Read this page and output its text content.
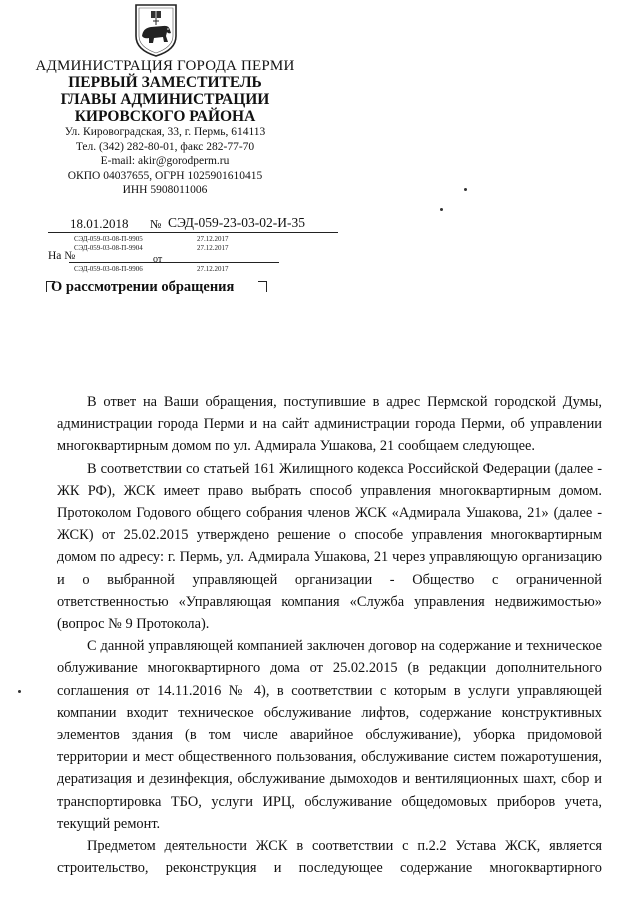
АДМИНИСТРАЦИЯ ГОРОДА ПЕРМИ
ПЕРВЫЙ ЗАМЕСТИТЕЛЬ
ГЛАВЫ АДМИНИСТРАЦИИ
КИРОВСКОГО РАЙОНА
Ул. Кировоградская, 33, г. Пермь, 614113
Тел. (342) 282-80-01, факс 282-77-70
E-mail: akir@gorodperm.ru
ОКПО 04037655, ОГРН 1025901610415
ИНН 5908011006
18.01.2018 № СЭД-059-23-03-02-И-35
СЭД-059-03-08-П-9905	27.12.2017
СЭД-059-03-08-П-9904	27.12.2017
На №	от
СЭД-059-03-08-П-9906	27.12.2017
О рассмотрении обращения

В ответ на Ваши обращения, поступившие в адрес Пермской городской Думы, администрации города Перми и на сайт администрации города Перми, об управлении многоквартирным домом по ул. Адмирала Ушакова, 21 сообщаем следующее.

В соответствии со статьей 161 Жилищного кодекса Российской Федерации (далее - ЖК РФ), ЖСК имеет право выбрать способ управления многоквартирным домом. Протоколом Годового общего собрания членов ЖСК «Адмирала Ушакова, 21» (далее - ЖСК) от 25.02.2015 утверждено решение о способе управления многоквартирным домом по адресу: г. Пермь, ул. Адмирала Ушакова, 21 через управляющую организацию и о выбранной управляющей организации - Общество с ограниченной ответственностью «Управляющая компания «Служба управления недвижимостью» (вопрос № 9 Протокола).

С данной управляющей компанией заключен договор на содержание и техническое облуживание многоквартирного дома от 25.02.2015 (в редакции дополнительного соглашения от 14.11.2016 № 4), в соответствии с которым в услуги управляющей компании входит техническое обслуживание лифтов, содержание конструктивных элементов здания (в том числе аварийное обслуживание), уборка придомовой территории и мест общественного пользования, обслуживание систем пожаротушения, дератизация и дезинфекция, обслуживание дымоходов и вентиляционных шахт, сбор и транспортировка ТБО, услуги ИРЦ, обслуживание общедомовых приборов учета, текущий ремонт.

Предметом деятельности ЖСК в соответствии с п.2.2 Устава ЖСК, является строительство, реконструкция и последующее содержание многоквартирного
